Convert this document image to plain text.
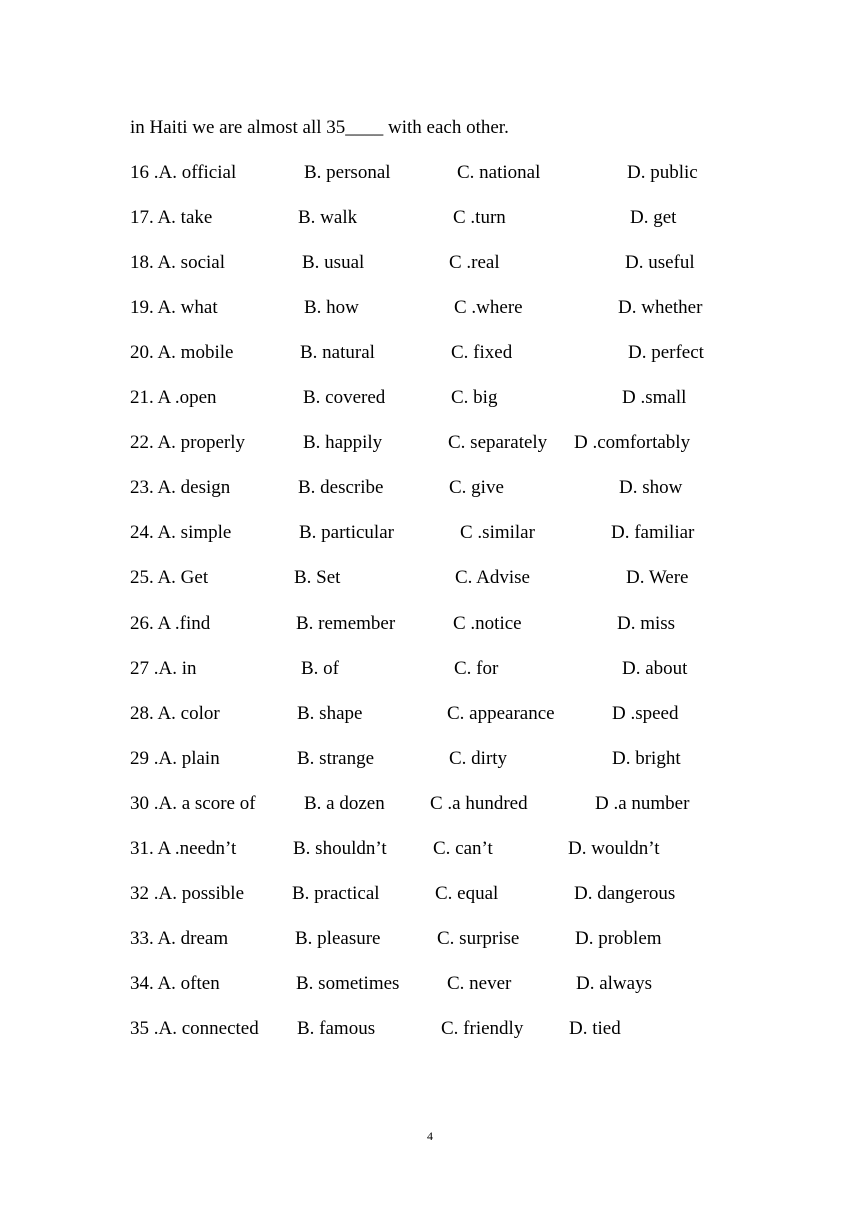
in Haiti we are almost all 35____ with each other.
16 .A. official	B. personal	C. national	D. public
17. A. take	B. walk	C .turn	D. get
18. A. social	B. usual	C .real	D. useful
19. A. what	B. how	C .where	D. whether
20. A. mobile	B. natural	C. fixed	D. perfect
21. A .open	B. covered	C. big	D .small
22. A. properly	B. happily	C. separately D .comfortably
23. A. design	B. describe	C. give	D. show
24. A. simple	B. particular	C .similar	D. familiar
25. A. Get	B. Set	C. Advise	D. Were
26. A .find	B. remember	C .notice	D. miss
27 .A. in	B. of	C. for	D. about
28. A. color	B. shape	C. appearance	D .speed
29 .A. plain	B. strange	C. dirty	D. bright
30 .A. a score of	B. a dozen C .a hundred	D .a number
31. A .needn’t	B. shouldn’t C. can’t	D. wouldn’t
32 .A. possible	B. practical	C. equal	D. dangerous
33. A. dream	B. pleasure	C. surprise	D. problem
34. A. often	B. sometimes	C. never	D. always
35 .A. connected B. famous	C. friendly D. tied
4
